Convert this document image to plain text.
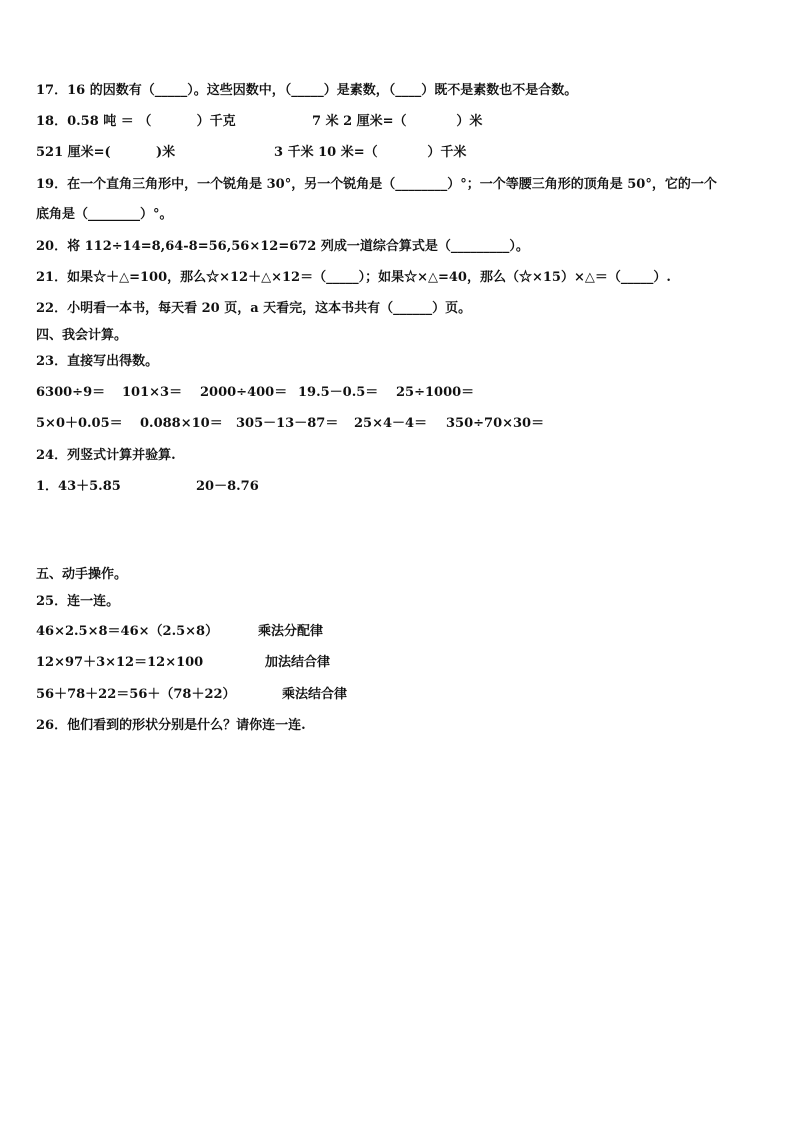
17．16 的因数有（_____）。这些因数中，（_____）是素数，（____）既不是素数也不是合数。
18．0.58 吨 ＝ （          ）千克	7 米 2 厘米=（           ）米
521 厘米=(          )米	3 千米 10 米=（           ）千米
19．在一个直角三角形中，一个锐角是 30°，另一个锐角是（________）°；一个等腰三角形的顶角是 50°，它的一个
底角是（________）°。
20．将 112÷14=8,64-8=56,56×12=672 列成一道综合算式是（_________）。
21．如果☆＋△=100，那么☆×12＋△×12＝（_____）；如果☆×△=40，那么（☆×15）×△＝（_____）.
22．小明看一本书，每天看 20 页，a 天看完，这本书共有（______）页。
四、我会计算。
23．直接写出得数。
6300÷9＝ 101×3＝ 2000÷400＝ 19.5－0.5＝ 25÷1000＝
5×0＋0.05＝ 0.088×10＝ 305－13－87＝ 25×4－4＝ 350÷70×30＝
24．列竖式计算并验算.
1．43＋5.85	20－8.76
五、动手操作。
25．连一连。
46×2.5×8＝46×（2.5×8）	乘法分配律
12×97＋3×12＝12×100	加法结合律
56＋78＋22＝56＋（78＋22）	乘法结合律
26．他们看到的形状分别是什么？请你连一连.
